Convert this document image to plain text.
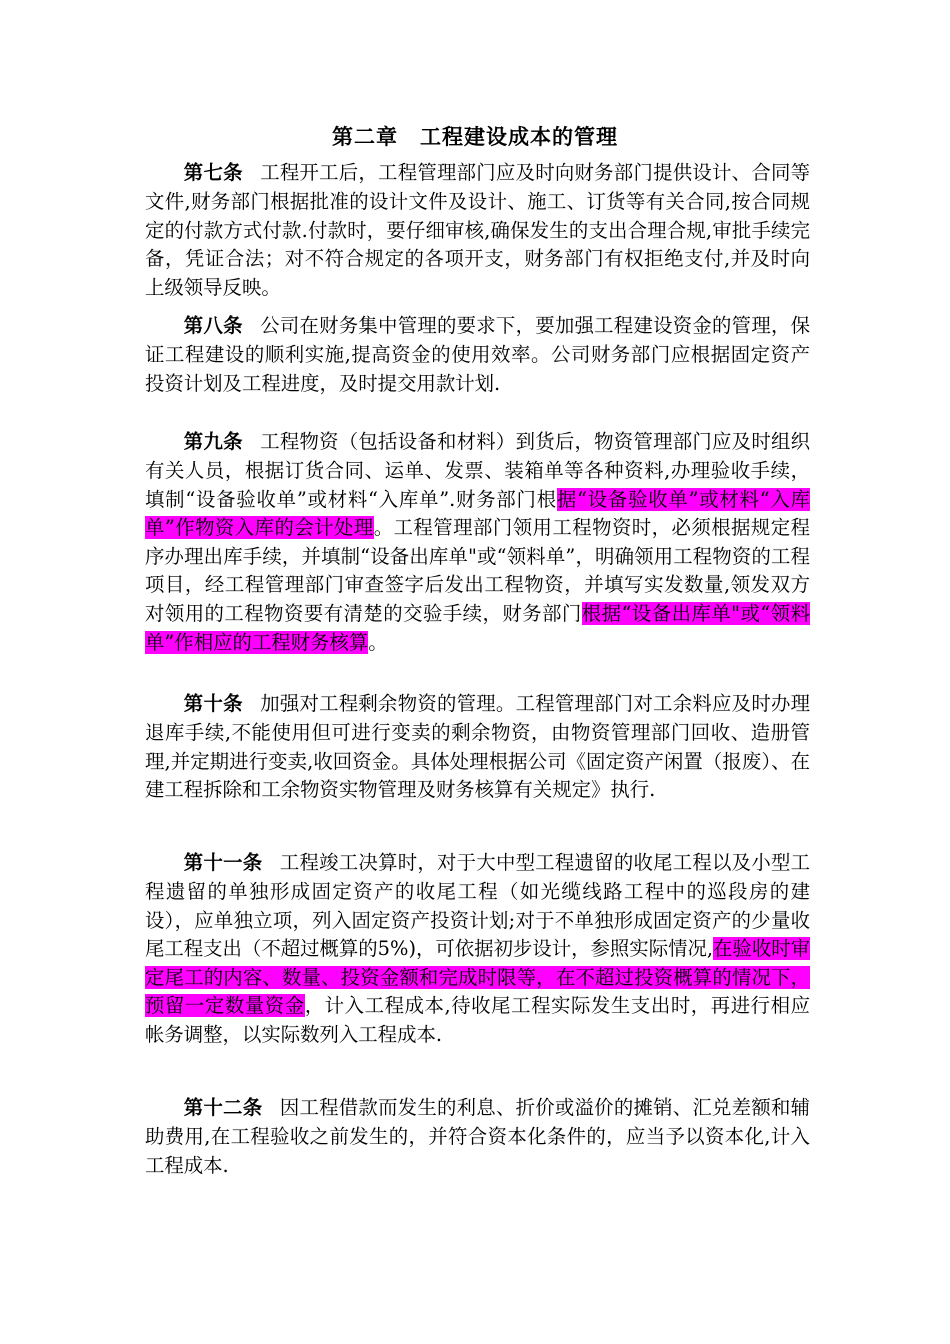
第二章　工程建设成本的管理

第七条 工程开工后，工程管理部门应及时向财务部门提供设计、合同等文件,财务部门根据批准的设计文件及设计、施工、订货等有关合同,按合同规定的付款方式付款.付款时，要仔细审核,确保发生的支出合理合规,审批手续完备，凭证合法；对不符合规定的各项开支，财务部门有权拒绝支付,并及时向上级领导反映。

第八条 公司在财务集中管理的要求下，要加强工程建设资金的管理，保证工程建设的顺利实施,提高资金的使用效率。公司财务部门应根据固定资产投资计划及工程进度，及时提交用款计划.

第九条 工程物资（包括设备和材料）到货后，物资管理部门应及时组织有关人员，根据订货合同、运单、发票、装箱单等各种资料,办理验收手续，填制“设备验收单”或材料“入库单”.财务部门根据“设备验收单”或材料“入库单”作物资入库的会计处理。工程管理部门领用工程物资时，必须根据规定程序办理出库手续，并填制“设备出库单"或“领料单”，明确领用工程物资的工程项目，经工程管理部门审查签字后发出工程物资，并填写实发数量,领发双方对领用的工程物资要有清楚的交验手续，财务部门根据“设备出库单"或“领料单”作相应的工程财务核算。

第十条 加强对工程剩余物资的管理。工程管理部门对工余料应及时办理退库手续,不能使用但可进行变卖的剩余物资，由物资管理部门回收、造册管理,并定期进行变卖,收回资金。具体处理根据公司《固定资产闲置（报废）、在建工程拆除和工余物资实物管理及财务核算有关规定》执行.

第十一条 工程竣工决算时，对于大中型工程遗留的收尾工程以及小型工程遗留的单独形成固定资产的收尾工程（如光缆线路工程中的巡段房的建设），应单独立项，列入固定资产投资计划;对于不单独形成固定资产的少量收尾工程支出（不超过概算的5%)，可依据初步设计，参照实际情况,在验收时审定尾工的内容、数量、投资金额和完成时限等，在不超过投资概算的情况下，预留一定数量资金，计入工程成本,待收尾工程实际发生支出时，再进行相应帐务调整，以实际数列入工程成本.

第十二条 因工程借款而发生的利息、折价或溢价的摊销、汇兑差额和辅助费用,在工程验收之前发生的，并符合资本化条件的，应当予以资本化,计入工程成本.
